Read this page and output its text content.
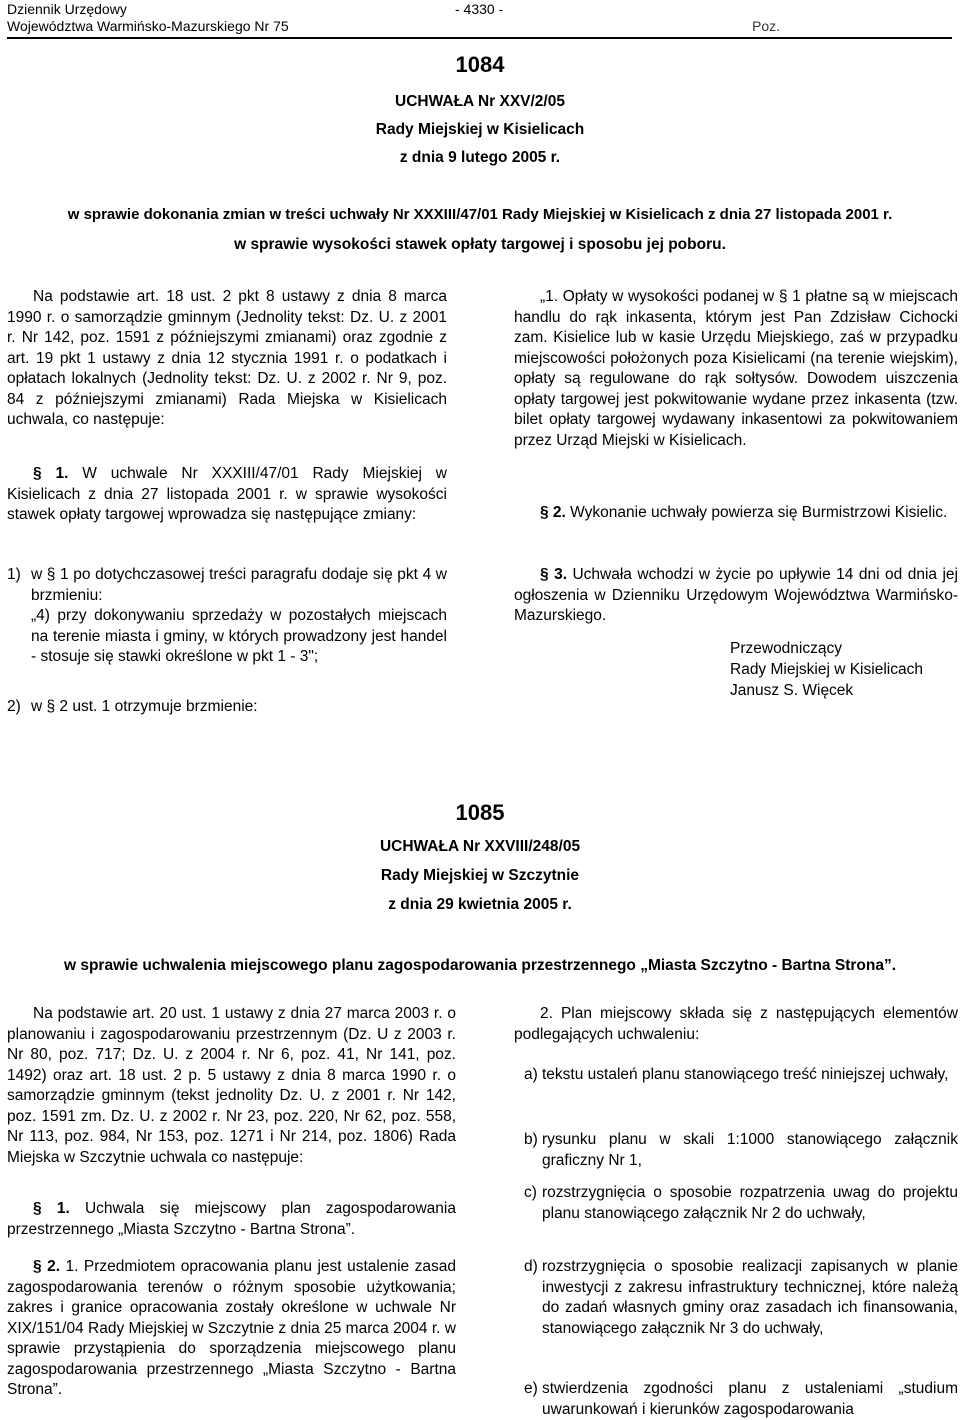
Dziennik Urzędowy
Województwa Warmińsko-Mazurskiego Nr 75
- 4330 -
Poz.
1084
UCHWAŁA Nr XXV/2/05
Rady Miejskiej w Kisielicach
z dnia 9 lutego 2005 r.
w sprawie dokonania zmian w treści uchwały Nr XXXIII/47/01 Rady Miejskiej w Kisielicach z dnia 27 listopada 2001 r.
w sprawie wysokości stawek opłaty targowej i sposobu jej poboru.

Na podstawie art. 18 ust. 2 pkt 8 ustawy z dnia 8 marca 1990 r. o samorządzie gminnym (Jednolity tekst: Dz. U. z 2001 r. Nr 142, poz. 1591 z późniejszymi zmianami) oraz zgodnie z art. 19 pkt 1 ustawy z dnia 12 stycznia 1991 r. o podatkach i opłatach lokalnych (Jednolity tekst: Dz. U. z 2002 r. Nr 9, poz. 84 z późniejszymi zmianami) Rada Miejska w Kisielicach uchwala, co następuje:

§ 1. W uchwale Nr XXXIII/47/01 Rady Miejskiej w Kisielicach z dnia 27 listopada 2001 r. w sprawie wysokości stawek opłaty targowej wprowadza się następujące zmiany:

1) w § 1 po dotychczasowej treści paragrafu dodaje się pkt 4 w brzmieniu:

„4) przy dokonywaniu sprzedaży w pozostałych miejscach na terenie miasta i gminy, w których prowadzony jest handel - stosuje się stawki określone w pkt 1 - 3";

2) w § 2 ust. 1 otrzymuje brzmienie:

„1. Opłaty w wysokości podanej w § 1 płatne są w miejscach handlu do rąk inkasenta, którym jest Pan Zdzisław Cichocki zam. Kisielice lub w kasie Urzędu Miejskiego, zaś w przypadku miejscowości położonych poza Kisielicami (na terenie wiejskim), opłaty są regulowane do rąk sołtysów. Dowodem uiszczenia opłaty targowej jest pokwitowanie wydane przez inkasenta (tzw. bilet opłaty targowej wydawany inkasentowi za pokwitowaniem przez Urząd Miejski w Kisielicach.

§ 2. Wykonanie uchwały powierza się Burmistrzowi Kisielic.

§ 3. Uchwała wchodzi w życie po upływie 14 dni od dnia jej ogłoszenia w Dzienniku Urzędowym Województwa Warmińsko-Mazurskiego.

Przewodniczący
Rady Miejskiej w Kisielicach
Janusz S. Więcek
1085
UCHWAŁA Nr XXVIII/248/05
Rady Miejskiej w Szczytnie
z dnia 29 kwietnia 2005 r.
w sprawie uchwalenia miejscowego planu zagospodarowania przestrzennego „Miasta Szczytno - Bartna Strona”.

Na podstawie art. 20 ust. 1 ustawy z dnia 27 marca 2003 r. o planowaniu i zagospodarowaniu przestrzennym (Dz. U z 2003 r. Nr 80, poz. 717; Dz. U. z 2004 r. Nr 6, poz. 41, Nr 141, poz. 1492) oraz art. 18 ust. 2 p. 5 ustawy z dnia 8 marca 1990 r. o samorządzie gminnym (tekst jednolity Dz. U. z 2001 r. Nr 142, poz. 1591 zm. Dz. U. z 2002 r. Nr 23, poz. 220, Nr 62, poz. 558, Nr 113, poz. 984, Nr 153, poz. 1271 i Nr 214, poz. 1806) Rada Miejska w Szczytnie uchwala co następuje:

§ 1. Uchwala się miejscowy plan zagospodarowania przestrzennego „Miasta Szczytno - Bartna Strona”.

§ 2. 1. Przedmiotem opracowania planu jest ustalenie zasad zagospodarowania terenów o różnym sposobie użytkowania; zakres i granice opracowania zostały określone w uchwale Nr XIX/151/04 Rady Miejskiej w Szczytnie z dnia 25 marca 2004 r. w sprawie przystąpienia do sporządzenia miejscowego planu zagospodarowania przestrzennego „Miasta Szczytno - Bartna Strona”.

2. Plan miejscowy składa się z następujących elementów podlegających uchwaleniu:

a) tekstu ustaleń planu stanowiącego treść niniejszej uchwały,

b) rysunku planu w skali 1:1000 stanowiącego załącznik graficzny Nr 1,

c) rozstrzygnięcia o sposobie rozpatrzenia uwag do projektu planu stanowiącego załącznik Nr 2 do uchwały,

d) rozstrzygnięcia o sposobie realizacji zapisanych w planie inwestycji z zakresu infrastruktury technicznej, które należą do zadań własnych gminy oraz zasadach ich finansowania, stanowiącego załącznik Nr 3 do uchwały,

e) stwierdzenia zgodności planu z ustaleniami „studium uwarunkowań i kierunków zagospodarowania
